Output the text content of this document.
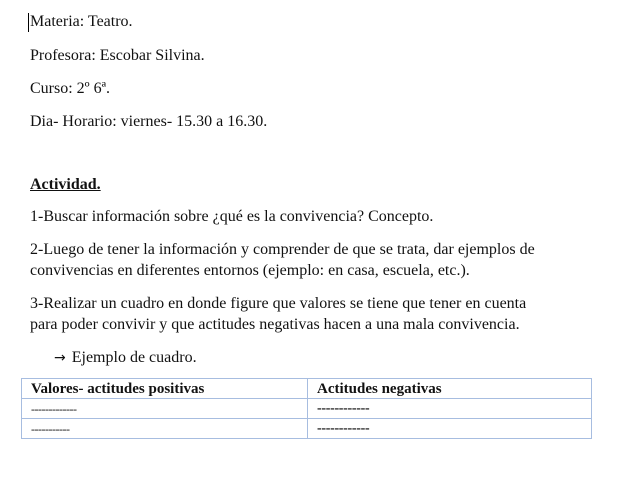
Materia: Teatro.
Profesora: Escobar Silvina.
Curso: 2º 6ª.
Dia- Horario: viernes- 15.30 a 16.30.
Actividad.
1-Buscar información sobre ¿qué es la convivencia? Concepto.
2-Luego de tener la información y comprender de que se trata, dar ejemplos de
convivencias en diferentes entornos (ejemplo: en casa, escuela, etc.).
3-Realizar un cuadro en donde figure que valores se tiene que tener en cuenta
para poder convivir y que actitudes negativas hacen a una mala convivencia.
→ Ejemplo de cuadro.
Valores- actitudes positivas	Actitudes negativas
-------------	------------
-----------	------------
